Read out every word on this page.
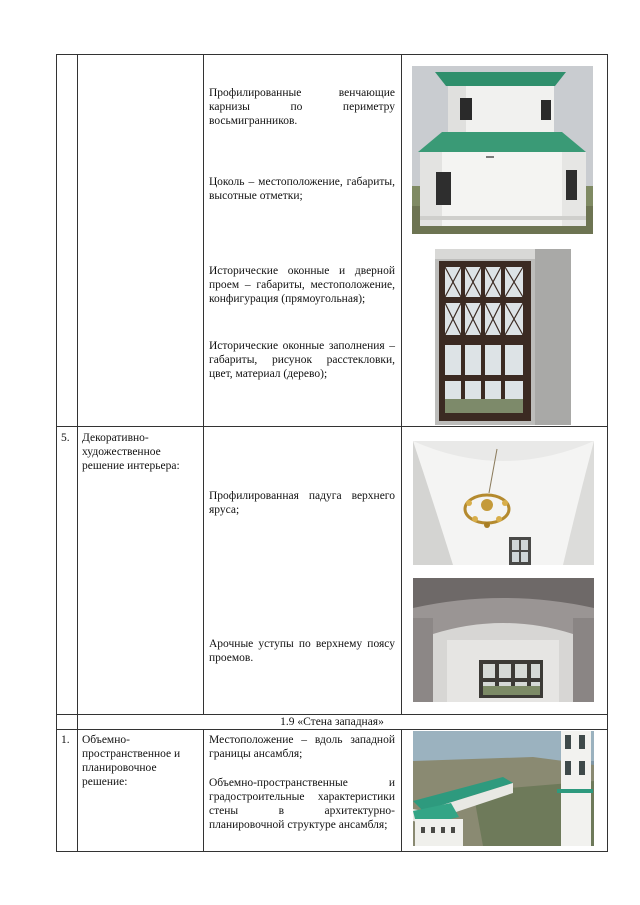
Профилированные венчающие карнизы по периметру восьмигранников.
Цоколь – местоположение, габариты, высотные отметки;
Исторические оконные и дверной проем – габариты, местоположение, конфигурация (прямоугольная);
Исторические оконные заполнения – габариты, рисунок расстекловки, цвет, материал (дерево);
5. Декоративно-художественное решение интерьера:
Профилированная падуга верхнего яруса;
Арочные уступы по верхнему поясу проемов.
1.9 «Стена западная»
1. Объемно-пространственное и планировочное решение:
Местоположение – вдоль западной границы ансамбля;
Объемно-пространственные и градостроительные характеристики стены в архитектурно-планировочной структуре ансамбля;
